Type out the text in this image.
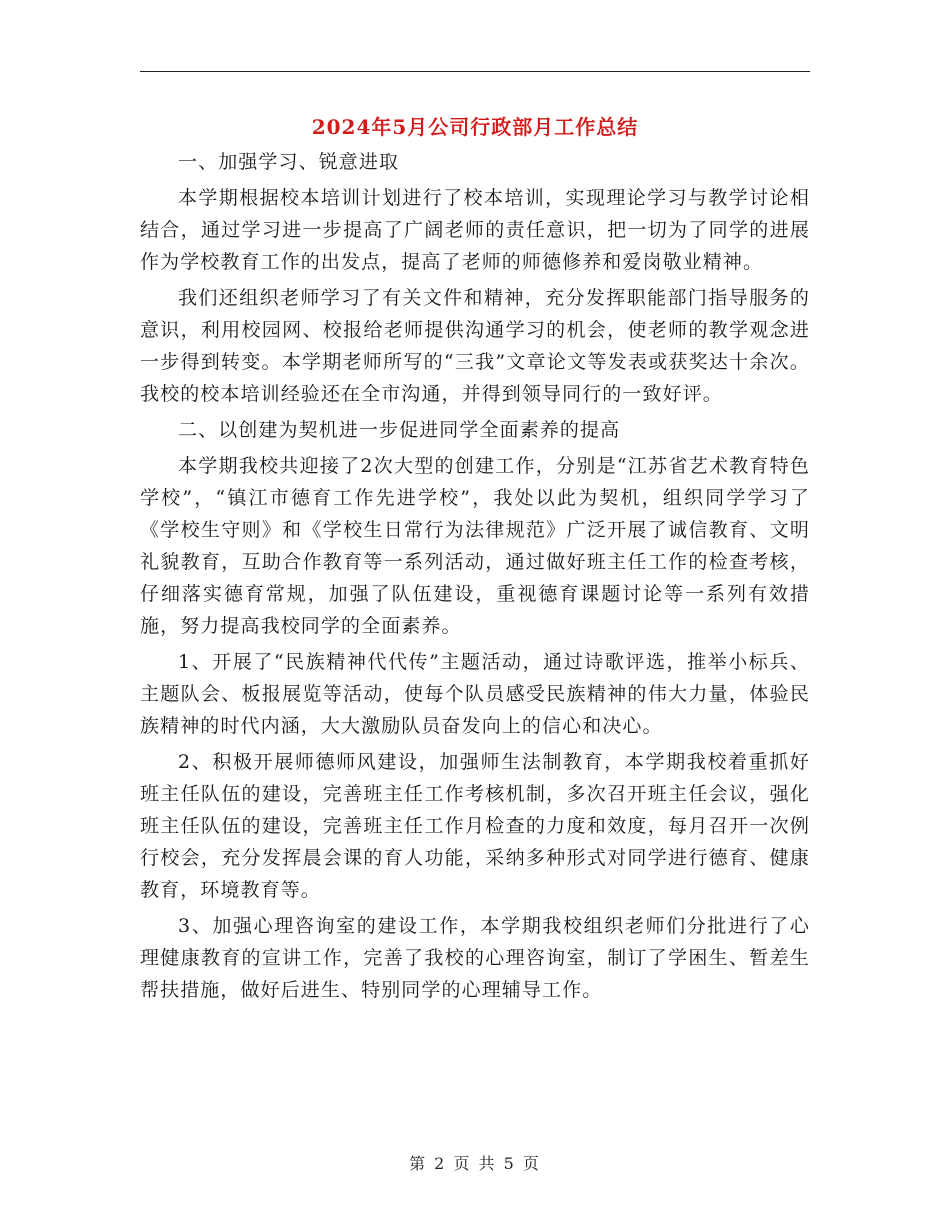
2024年5月公司行政部月工作总结

一、加强学习、锐意进取

本学期根据校本培训计划进行了校本培训，实现理论学习与教学讨论相结合，通过学习进一步提高了广阔老师的责任意识，把一切为了同学的进展作为学校教育工作的出发点，提高了老师的师德修养和爱岗敬业精神。

我们还组织老师学习了有关文件和精神，充分发挥职能部门指导服务的意识，利用校园网、校报给老师提供沟通学习的机会，使老师的教学观念进一步得到转变。本学期老师所写的“三我”文章论文等发表或获奖达十余次。我校的校本培训经验还在全市沟通，并得到领导同行的一致好评。

二、以创建为契机进一步促进同学全面素养的提高

本学期我校共迎接了2次大型的创建工作，分别是“江苏省艺术教育特色学校”，“镇江市德育工作先进学校”，我处以此为契机，组织同学学习了《学校生守则》和《学校生日常行为法律规范》广泛开展了诚信教育、文明礼貌教育，互助合作教育等一系列活动，通过做好班主任工作的检查考核，仔细落实德育常规，加强了队伍建设，重视德育课题讨论等一系列有效措施，努力提高我校同学的全面素养。

1、开展了“民族精神代代传”主题活动，通过诗歌评选，推举小标兵、主题队会、板报展览等活动，使每个队员感受民族精神的伟大力量，体验民族精神的时代内涵，大大激励队员奋发向上的信心和决心。

2、积极开展师德师风建设，加强师生法制教育，本学期我校着重抓好班主任队伍的建设，完善班主任工作考核机制，多次召开班主任会议，强化班主任队伍的建设，完善班主任工作月检查的力度和效度，每月召开一次例行校会，充分发挥晨会课的育人功能，采纳多种形式对同学进行德育、健康教育，环境教育等。

3、加强心理咨询室的建设工作，本学期我校组织老师们分批进行了心理健康教育的宣讲工作，完善了我校的心理咨询室，制订了学困生、暂差生帮扶措施，做好后进生、特别同学的心理辅导工作。

第 2 页 共 5 页
